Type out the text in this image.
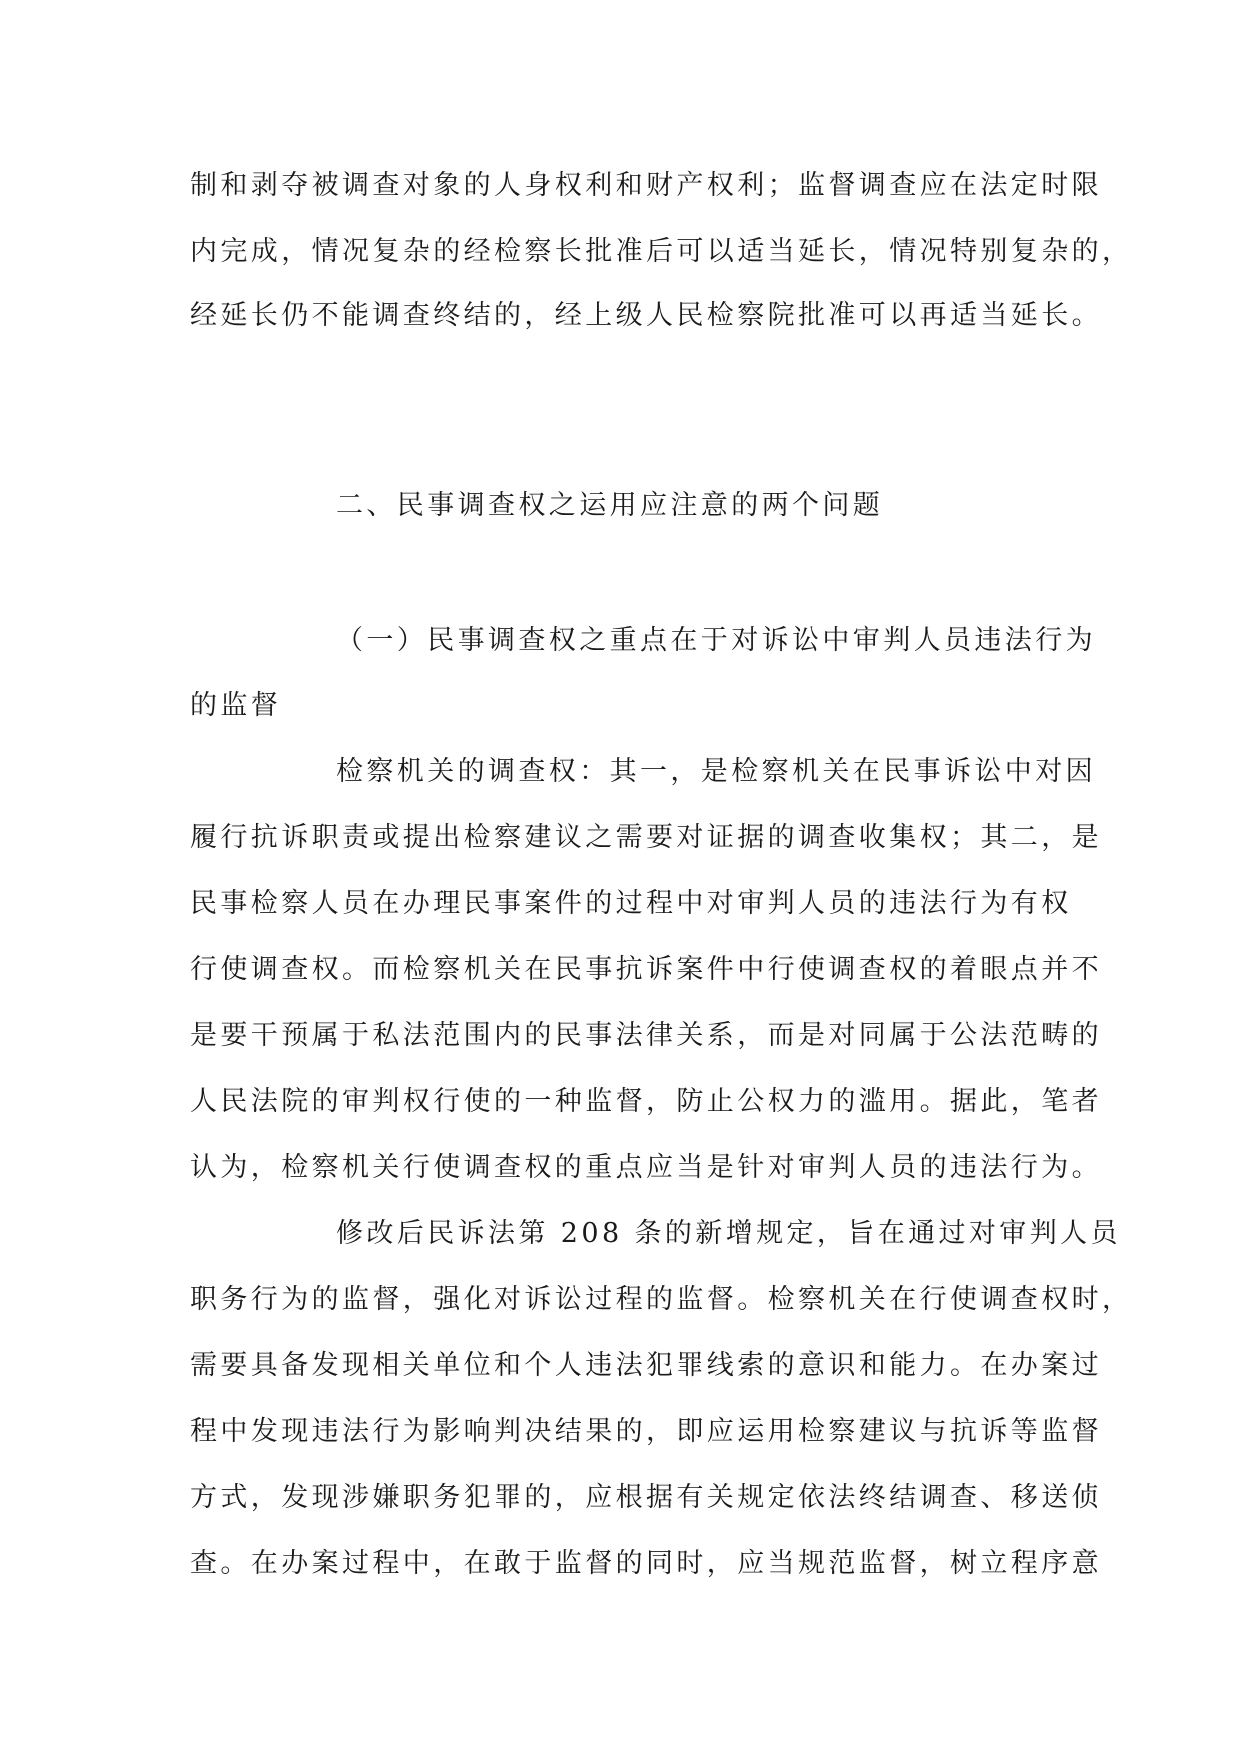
制和剥夺被调查对象的人身权利和财产权利；监督调查应在法定时限
内完成，情况复杂的经检察长批准后可以适当延长，情况特别复杂的，
经延长仍不能调查终结的，经上级人民检察院批准可以再适当延长。
二、民事调查权之运用应注意的两个问题
（一）民事调查权之重点在于对诉讼中审判人员违法行为
的监督
检察机关的调查权：其一，是检察机关在民事诉讼中对因
履行抗诉职责或提出检察建议之需要对证据的调查收集权；其二，是
民事检察人员在办理民事案件的过程中对审判人员的违法行为有权
行使调查权。而检察机关在民事抗诉案件中行使调查权的着眼点并不
是要干预属于私法范围内的民事法律关系，而是对同属于公法范畴的
人民法院的审判权行使的一种监督，防止公权力的滥用。据此，笔者
认为，检察机关行使调查权的重点应当是针对审判人员的违法行为。
修改后民诉法第 208 条的新增规定，旨在通过对审判人员
职务行为的监督，强化对诉讼过程的监督。检察机关在行使调查权时，
需要具备发现相关单位和个人违法犯罪线索的意识和能力。在办案过
程中发现违法行为影响判决结果的，即应运用检察建议与抗诉等监督
方式，发现涉嫌职务犯罪的，应根据有关规定依法终结调查、移送侦
查。在办案过程中，在敢于监督的同时，应当规范监督，树立程序意
